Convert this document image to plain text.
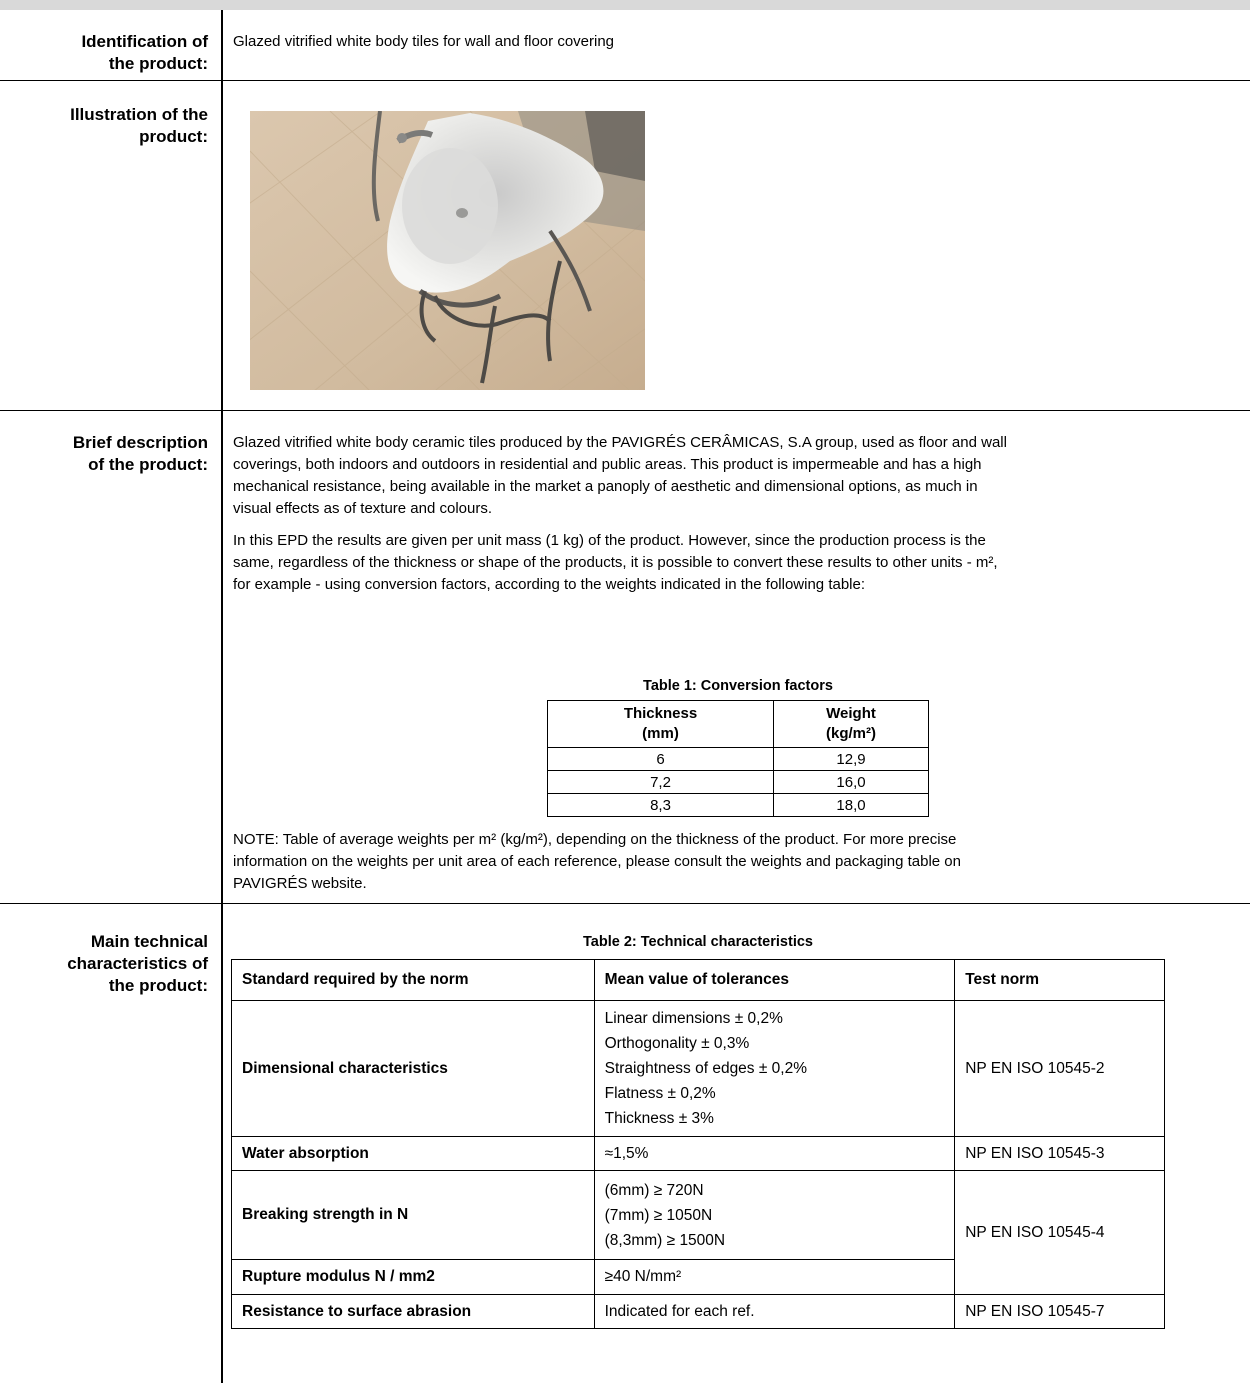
Identification of
the product:
Glazed vitrified white body tiles for wall and floor covering
Illustration of the
product:
Brief description
of the product:
Glazed vitrified white body ceramic tiles produced by the PAVIGRÉS CERÂMICAS, S.A group, used as floor and wall
coverings, both indoors and outdoors in residential and public areas. This product is impermeable and has a high
mechanical resistance, being available in the market a panoply of aesthetic and dimensional options, as much in
visual effects as of texture and colours.
In this EPD the results are given per unit mass (1 kg) of the product. However, since the production process is the
same, regardless of the thickness or shape of the products, it is possible to convert these results to other units - m²,
for example - using conversion factors, according to the weights indicated in the following table:
Table 1: Conversion factors
Thickness
(mm)	Weight
(kg/m²)
6	12,9
7,2	16,0
8,3	18,0
NOTE: Table of average weights per m² (kg/m²), depending on the thickness of the product. For more precise
information on the weights per unit area of each reference, please consult the weights and packaging table on
PAVIGRÉS website.
Main technical
characteristics of
the product:
Table 2: Technical characteristics
Standard required by the norm	Mean value of tolerances	Test norm
Dimensional characteristics	Linear dimensions ± 0,2%
Orthogonality ± 0,3%
Straightness of edges ± 0,2%
Flatness ± 0,2%
Thickness ± 3%	NP EN ISO 10545-2
Water absorption	≈1,5%	NP EN ISO 10545-3
Breaking strength in N	(6mm) ≥ 720N
(7mm) ≥ 1050N
(8,3mm) ≥ 1500N	NP EN ISO 10545-4
Rupture modulus N / mm2	≥40 N/mm²	
Resistance to surface abrasion	Indicated for each ref.	NP EN ISO 10545-7
